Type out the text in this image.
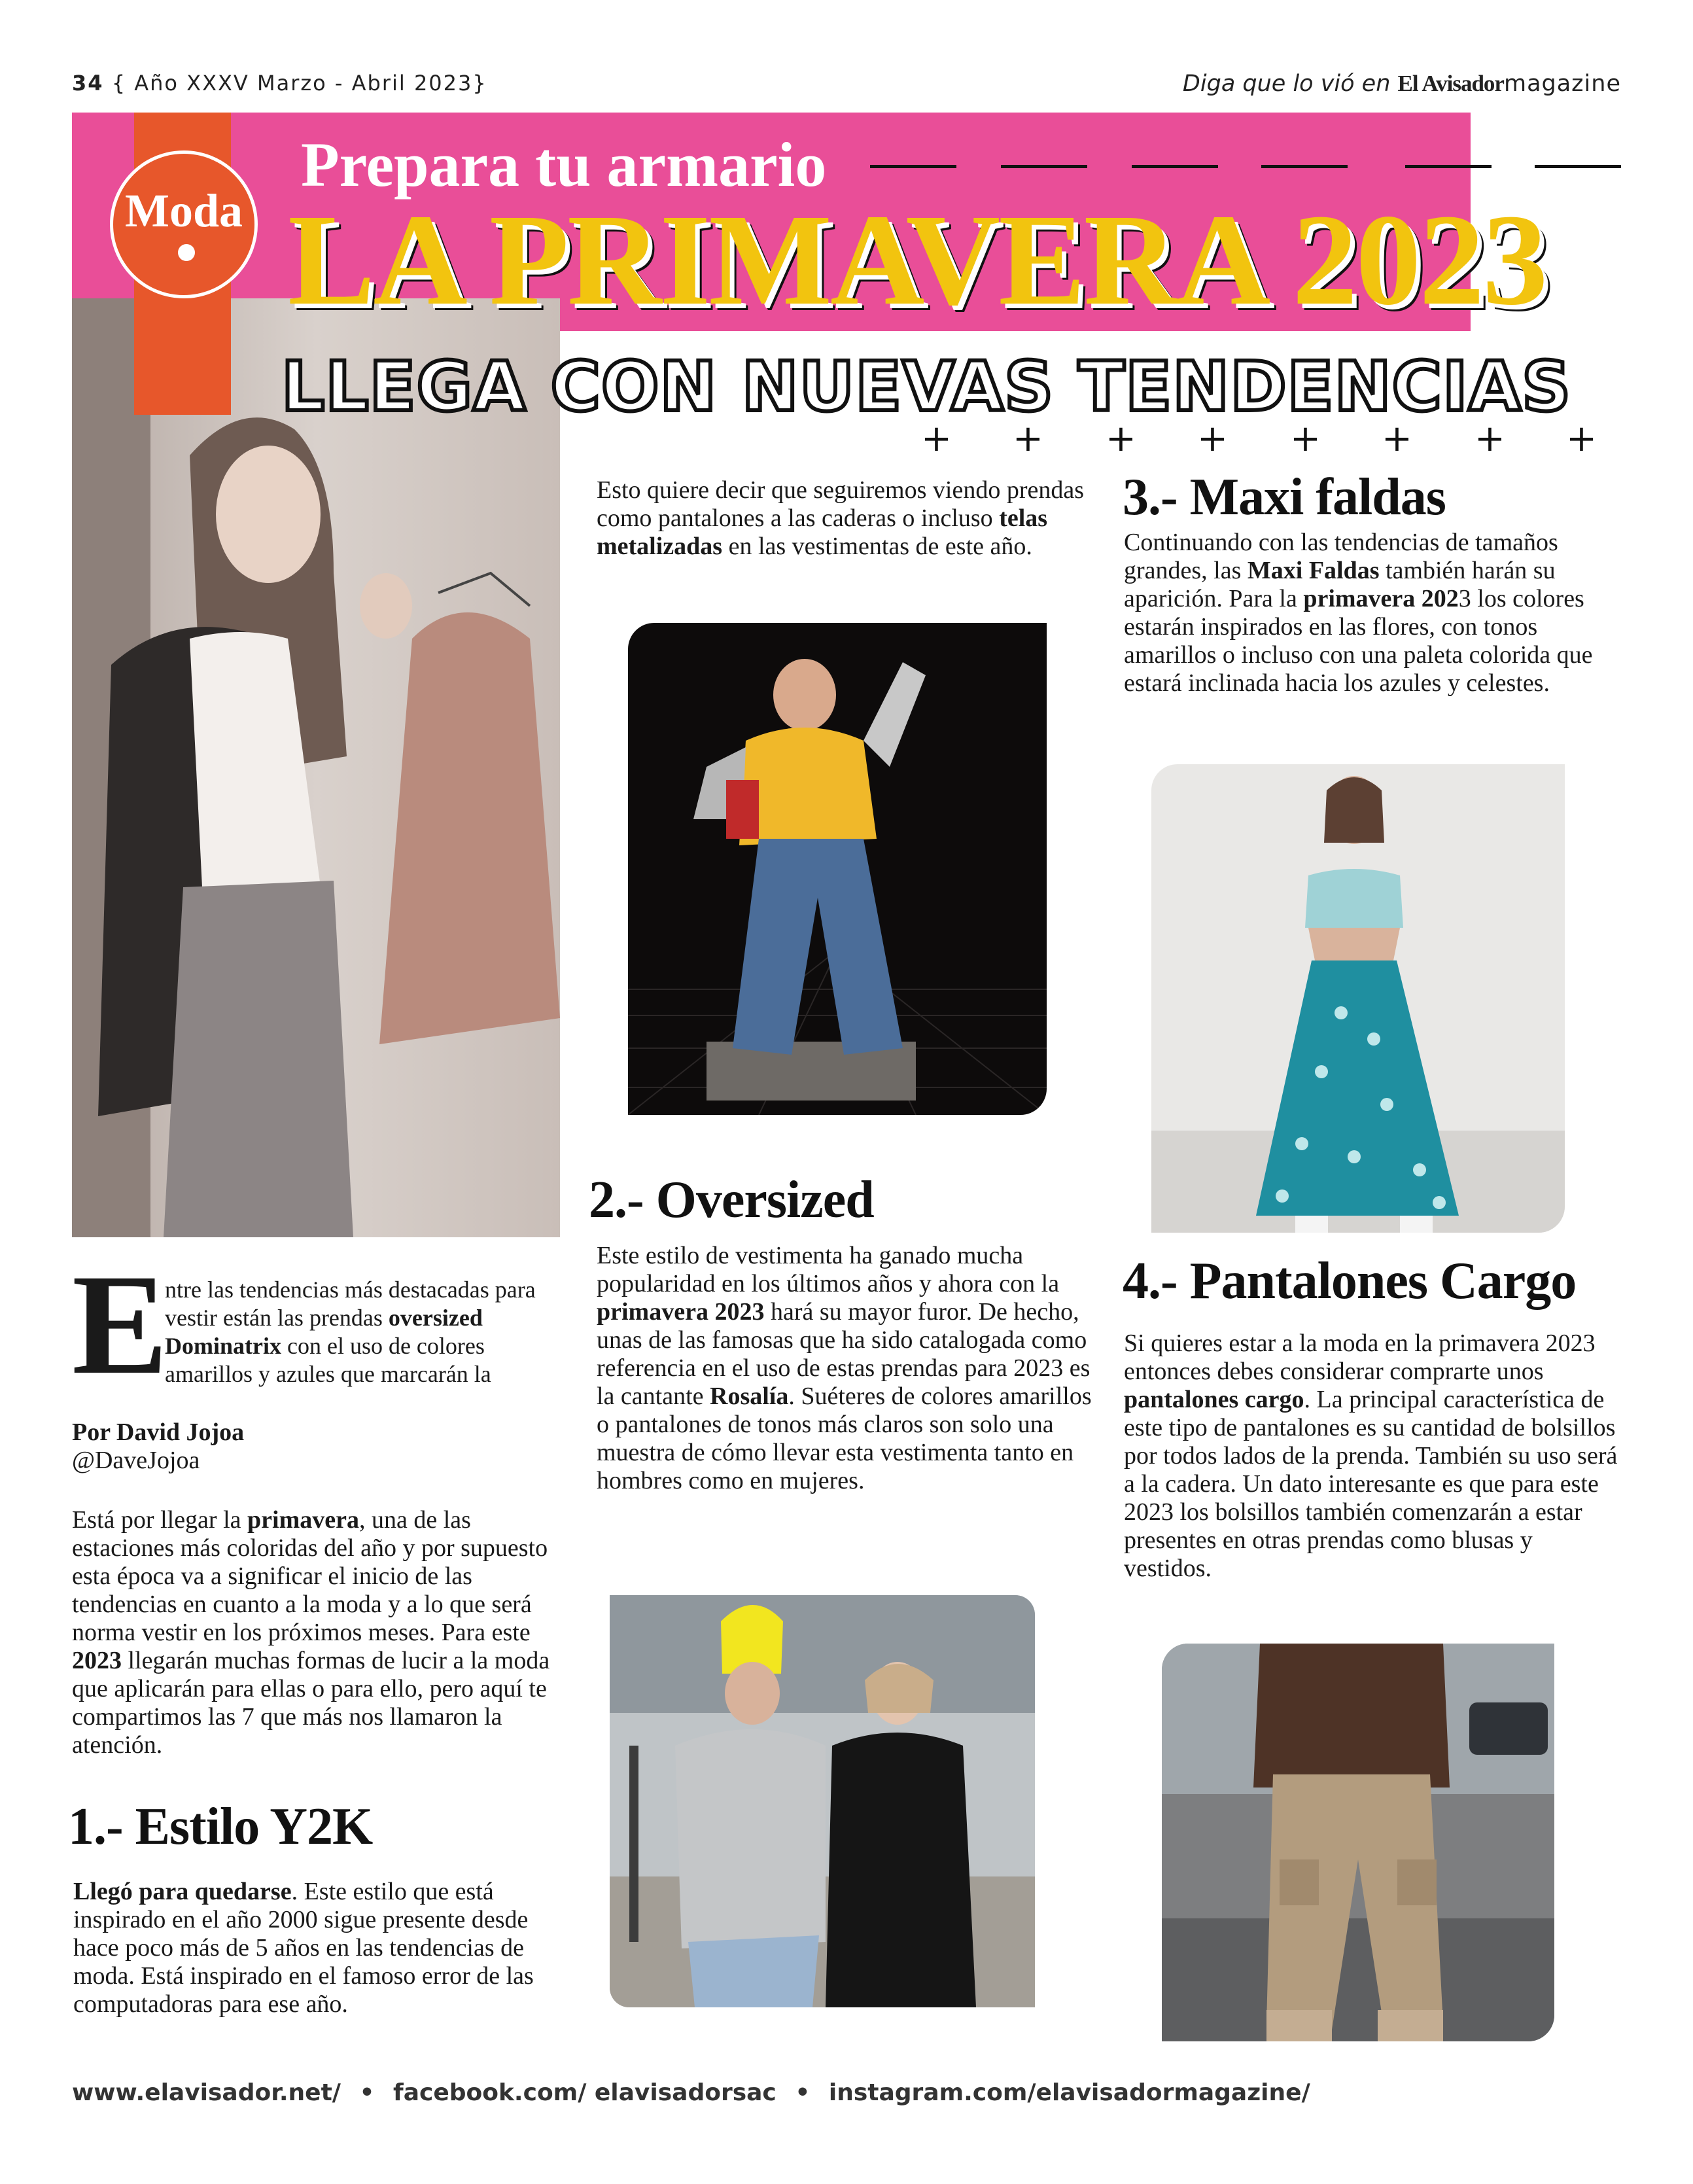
34 { Año XXXV Marzo - Abril 2023}	Diga que lo vió en El Avisadormagazine
Moda
Prepara tu armario
LA PRIMAVERA 2023
LLEGA CON NUEVAS TENDENCIAS
+ + + + + + + +
E
ntre las tendencias más destacadas para vestir están las prendas oversized Dominatrix con el uso de colores amarillos y azules que marcarán la
Por David Jojoa
@DaveJojoa
Está por llegar la primavera, una de las estaciones más coloridas del año y por supuesto esta época va a significar el inicio de las tendencias en cuanto a la moda y a lo que será norma vestir en los próximos meses. Para este 2023 llegarán muchas formas de lucir a la moda que aplicarán para ellas o para ello, pero aquí te compartimos las 7 que más nos llamaron la atención.
1.- Estilo Y2K
Llegó para quedarse. Este estilo que está inspirado en el año 2000 sigue presente desde hace poco más de 5 años en las tendencias de moda. Está inspirado en el famoso error de las computadoras para ese año.
Esto quiere decir que seguiremos viendo prendas como pantalones a las caderas o incluso telas metalizadas en las vestimentas de este año.
2.- Oversized
Este estilo de vestimenta ha ganado mucha popularidad en los últimos años y ahora con la primavera 2023 hará su mayor furor. De hecho, unas de las famosas que ha sido catalogada como referencia en el uso de estas prendas para 2023 es la cantante Rosalía. Suéteres de colores amarillos o pantalones de tonos más claros son solo una muestra de cómo llevar esta vestimenta tanto en hombres como en mujeres.
3.- Maxi faldas
Continuando con las tendencias de tamaños grandes, las Maxi Faldas también harán su aparición. Para la primavera 2023 los colores estarán inspirados en las flores, con tonos amarillos o incluso con una paleta colorida que estará inclinada hacia los azules y celestes.
4.- Pantalones Cargo
Si quieres estar a la moda en la primavera 2023 entonces debes considerar comprarte unos pantalones cargo. La principal característica de este tipo de pantalones es su cantidad de bolsillos por todos lados de la prenda. También su uso será a la cadera. Un dato interesante es que para este 2023 los bolsillos también comenzarán a estar presentes en otras prendas como blusas y vestidos.
www.elavisador.net/ • facebook.com/ elavisadorsac • instagram.com/elavisadormagazine/
